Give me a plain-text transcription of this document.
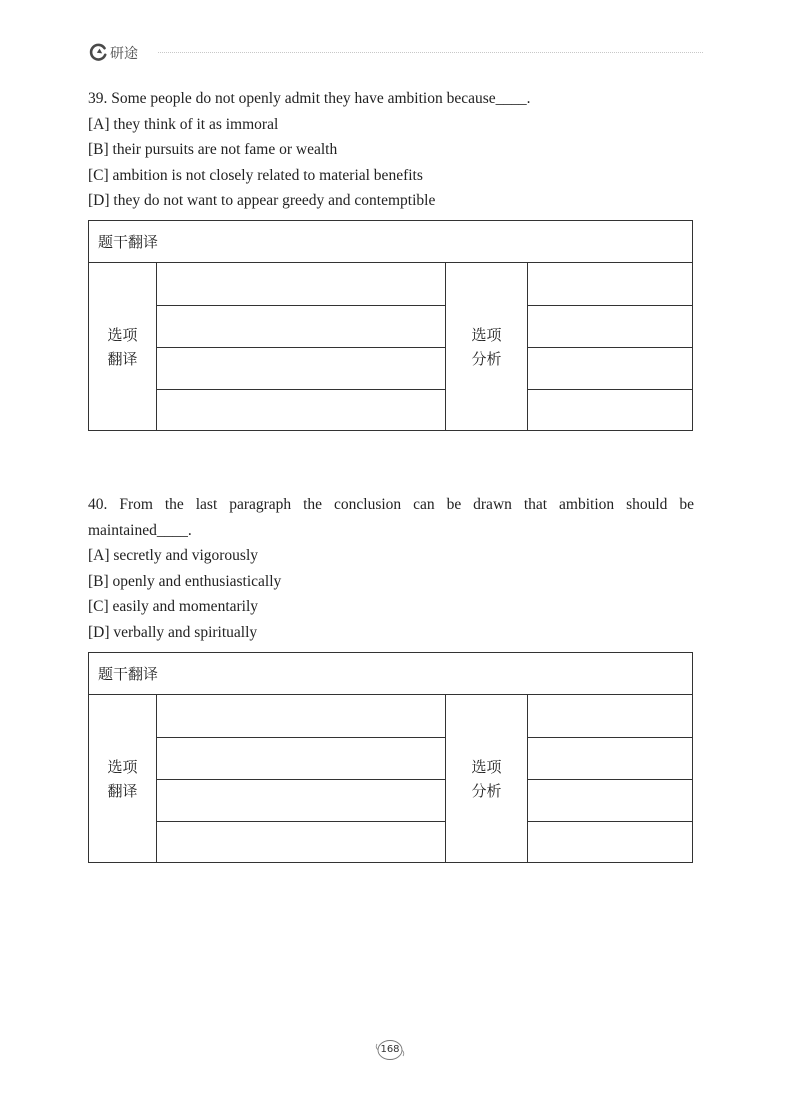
研途

39. Some people do not openly admit they have ambition because____.

[A] they think of it as immoral

[B] their pursuits are not fame or wealth

[C] ambition is not closely related to material benefits

[D] they do not want to appear greedy and contemptible

题干翻译
选项
翻译
选项
分析

40. From the last paragraph the conclusion can be drawn that ambition should be maintained____.

[A] secretly and vigorously

[B] openly and enthusiastically

[C] easily and momentarily

[D] verbally and spiritually

题干翻译
选项
翻译
选项
分析
168
